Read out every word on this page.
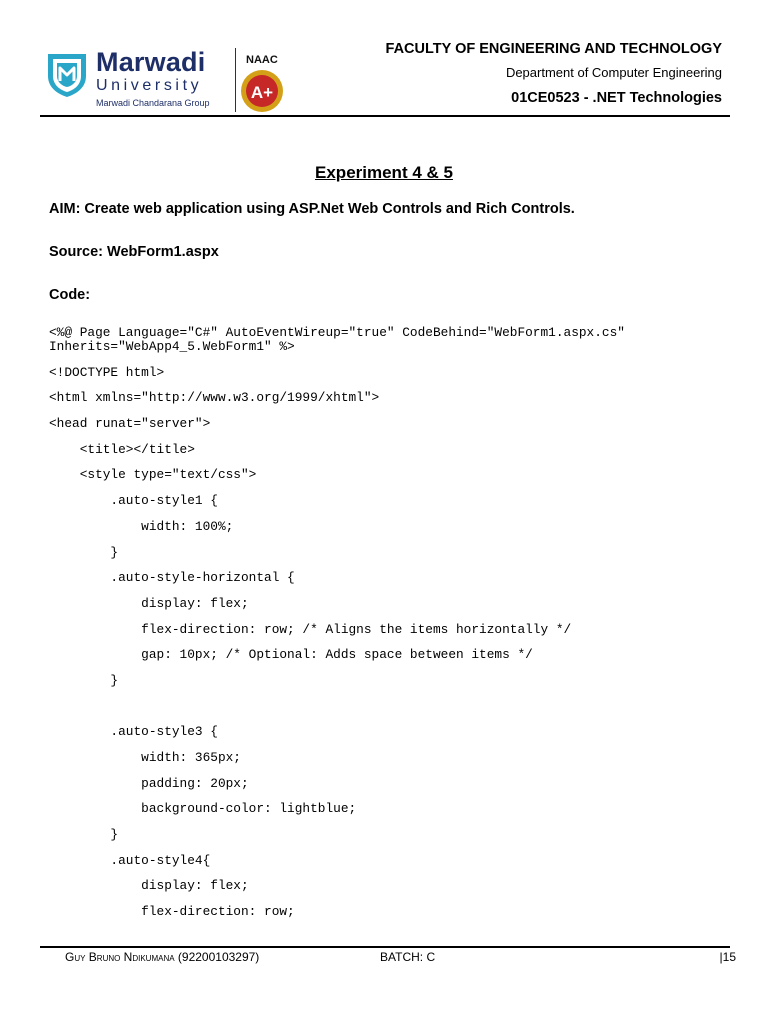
Marwadi
University
Marwadi Chandarana Group
NAAC
A+
FACULTY OF ENGINEERING AND TECHNOLOGY
Department of Computer Engineering
01CE0523 - .NET Technologies
Experiment 4 & 5
AIM: Create web application using ASP.Net Web Controls and Rich Controls.
Source: WebForm1.aspx
Code:
<%@ Page Language="C#" AutoEventWireup="true" CodeBehind="WebForm1.aspx.cs"
Inherits="WebApp4_5.WebForm1" %>
<!DOCTYPE html>
<html xmlns="http://www.w3.org/1999/xhtml">
<head runat="server">
<title></title>
<style type="text/css">
.auto-style1 {
width: 100%;
}
.auto-style-horizontal {
display: flex;
flex-direction: row; /* Aligns the items horizontally */
gap: 10px; /* Optional: Adds space between items */
}
.auto-style3 {
width: 365px;
padding: 20px;
background-color: lightblue;
}
.auto-style4{
display: flex;
flex-direction: row;
Guy Bruno Ndikumana (92200103297)	BATCH: C	|15
